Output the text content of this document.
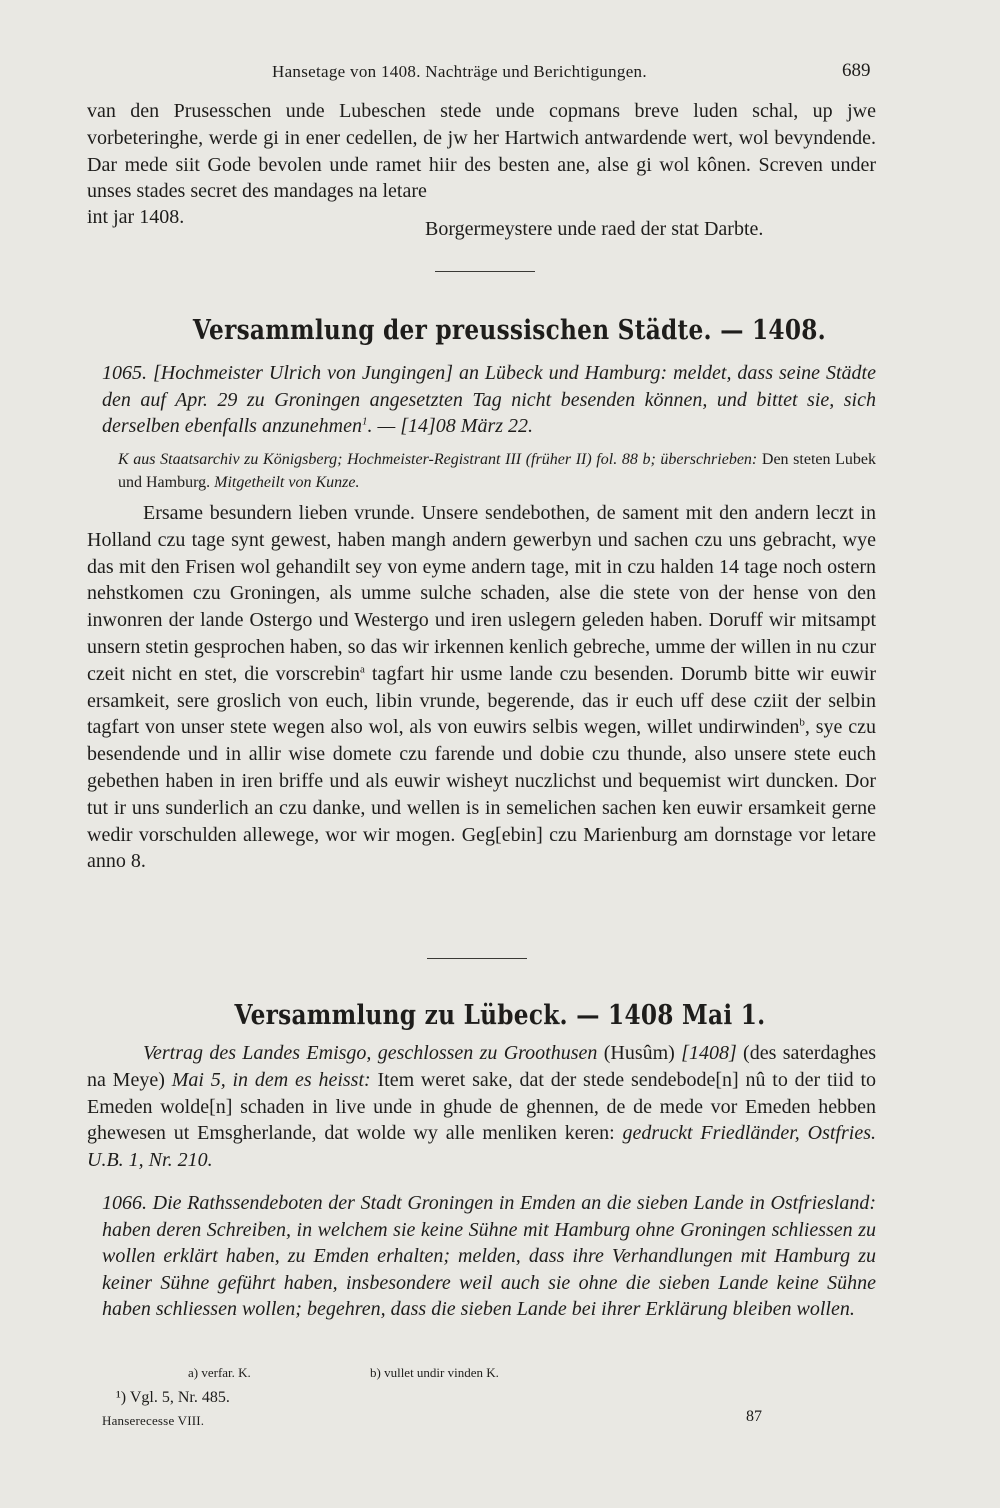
Hansetage von 1408. Nachträge und Berichtigungen.	689

van den Prusesschen unde Lubeschen stede unde copmans breve luden schal, up jwe vorbeteringhe, werde gi in ener cedellen, de jw her Hartwich antwardende wert, wol bevyndende. Dar mede siit Gode bevolen unde ramet hiir des besten ane, alse gi wol kônen. Screven under unses stades secret des mandages na letare

int jar 1408.
Borgermeystere unde raed der stat Darbte.
Versammlung der preussischen Städte. — 1408.
1065. [Hochmeister Ulrich von Jungingen] an Lübeck und Hamburg: meldet, dass seine Städte den auf Apr. 29 zu Groningen angesetzten Tag nicht besenden können, und bittet sie, sich derselben ebenfalls anzunehmen$^1$. — [14]08 März 22.
K aus Staatsarchiv zu Königsberg; Hochmeister-Registrant III (früher II) fol. 88 b; überschrieben: Den steten Lubek und Hamburg. Mitgetheilt von Kunze.

Ersame besundern lieben vrunde. Unsere sendebothen, de sament mit den andern leczt in Holland czu tage synt gewest, haben mangh andern gewerbyn und sachen czu uns gebracht, wye das mit den Frisen wol gehandilt sey von eyme andern tage, mit in czu halden 14 tage noch ostern nehstkomen czu Groningen, als umme sulche schaden, alse die stete von der hense von den inwonren der lande Ostergo und Westergo und iren uslegern geleden haben. Doruff wir mitsampt unsern stetin gesprochen haben, so das wir irkennen kenlich gebreche, umme der willen in nu czur czeit nicht en stet, die vorscrebin$^a$ tagfart hir usme lande czu besenden. Dorumb bitte wir euwir ersamkeit, sere groslich von euch, libin vrunde, begerende, das ir euch uff dese cziit der selbin tagfart von unser stete wegen also wol, als von euwirs selbis wegen, willet undirwinden$^b$, sye czu besendende und in allir wise domete czu farende und dobie czu thunde, also unsere stete euch gebethen haben in iren briffe und als euwir wisheyt nuczlichst und bequemist wirt duncken. Dor tut ir uns sunderlich an czu danke, und wellen is in semelichen sachen ken euwir ersamkeit gerne wedir vorschulden allewege, wor wir mogen. Geg[ebin] czu Marienburg am dornstage vor letare anno 8.

Versammlung zu Lübeck. — 1408 Mai 1.

Vertrag des Landes Emisgo, geschlossen zu Groothusen (Husûm) [1408] (des saterdaghes na Meye) Mai 5, in dem es heisst: Item weret sake, dat der stede sendebode[n] nû to der tiid to Emeden wolde[n] schaden in live unde in ghude de ghennen, de de mede vor Emeden hebben ghewesen ut Emsgherlande, dat wolde wy alle menliken keren: gedruckt Friedländer, Ostfries. U.B. 1, Nr. 210.

1066. Die Rathssendeboten der Stadt Groningen in Emden an die sieben Lande in Ostfriesland: haben deren Schreiben, in welchem sie keine Sühne mit Hamburg ohne Groningen schliessen zu wollen erklärt haben, zu Emden erhalten; melden, dass ihre Verhandlungen mit Hamburg zu keiner Sühne geführt haben, insbesondere weil auch sie ohne die sieben Lande keine Sühne haben schliessen wollen; begehren, dass die sieben Lande bei ihrer Erklärung bleiben wollen.
a) verfar. K.	b) vullet undir vinden K.
¹) Vgl. 5, Nr. 485.
Hanserecesse VIII.	87
